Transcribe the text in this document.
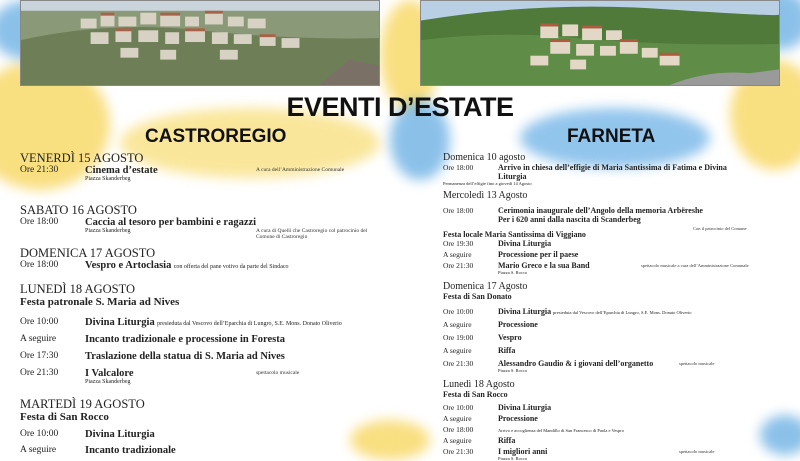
EVENTI D’ESTATE
CASTROREGIO	FARNETA

VENERDÌ 15 AGOSTO

Ore 21:30	Cinema d’estate
Piazza Skanderbeg
A cura dell’Amministrazione Comunale

SABATO 16 AGOSTO

Ore 18:00	Caccia al tesoro per bambini e ragazzi
Piazza Skanderbeg	A cura di Quelli che Castroregio col patrocinio del Comune di Castroregio

DOMENICA 17 AGOSTO

Ore 18:00	Vespro e Artoclasia con offerta del pane votivo da parte del Sindaco

LUNEDÌ 18 AGOSTO

Festa patronale S. Maria ad Nives

Ore 10:00	Divina Liturgia presieduta dal Vescovo dell’Eparchia di Lungro, S.E. Mons. Donato Oliverio
A seguire	Incanto tradizionale e processione in Foresta
Ore 17:30	Traslazione della statua di S. Maria ad Nives
Ore 21:30	I Valcalore
Piazza Skanderbeg
spettacolo musicale

MARTEDÌ 19 AGOSTO

Festa di San Rocco

Ore 10:00	Divina Liturgia
A seguire	Incanto tradizionale

Domenica 10 agosto

Ore 18:00	Arrivo in chiesa dell’effigie di Maria Santissima di Fatima e Divina Liturgia
Permanenza dell’effigie fino a giovedì 14 Agosto

Mercoledì 13 Agosto

Ore 18:00	Cerimonia inaugurale dell’Angolo della memoria Arbëreshe Per i 620 anni dalla nascita di Scanderbeg
Con il patrocinio del Comune

Festa locale Maria Santissima di Viggiano

Ore 19:30	Divina Liturgia
A seguire	Processione per il paese
Ore 21:30	Mario Greco e la sua Band
Piazza S. Rocco
spettacolo musicale a cura dell’Amministrazione Comunale

Domenica 17 Agosto

Festa di San Donato

Ore 10:00	Divina Liturgia presieduta dal Vescovo dell’Eparchia di Lungro, S.E. Mons. Donato Oliverio
A seguire	Processione
Ore 19:00	Vespro
A seguire	Riffa
Ore 21:30	Alessandro Gaudio & i giovani dell’organetto
Piazza S. Rocco
spettacolo musicale

Lunedì 18 Agosto

Festa di San Rocco

Ore 10:00	Divina Liturgia
A seguire	Processione
Ore 18:00	Arrivo e accoglienza del Mandillo di San Francesco di Paola e Vespro
A seguire	Riffa
Ore 21:30	I migliori anni
Piazza S. Rocco
spettacolo musicale
